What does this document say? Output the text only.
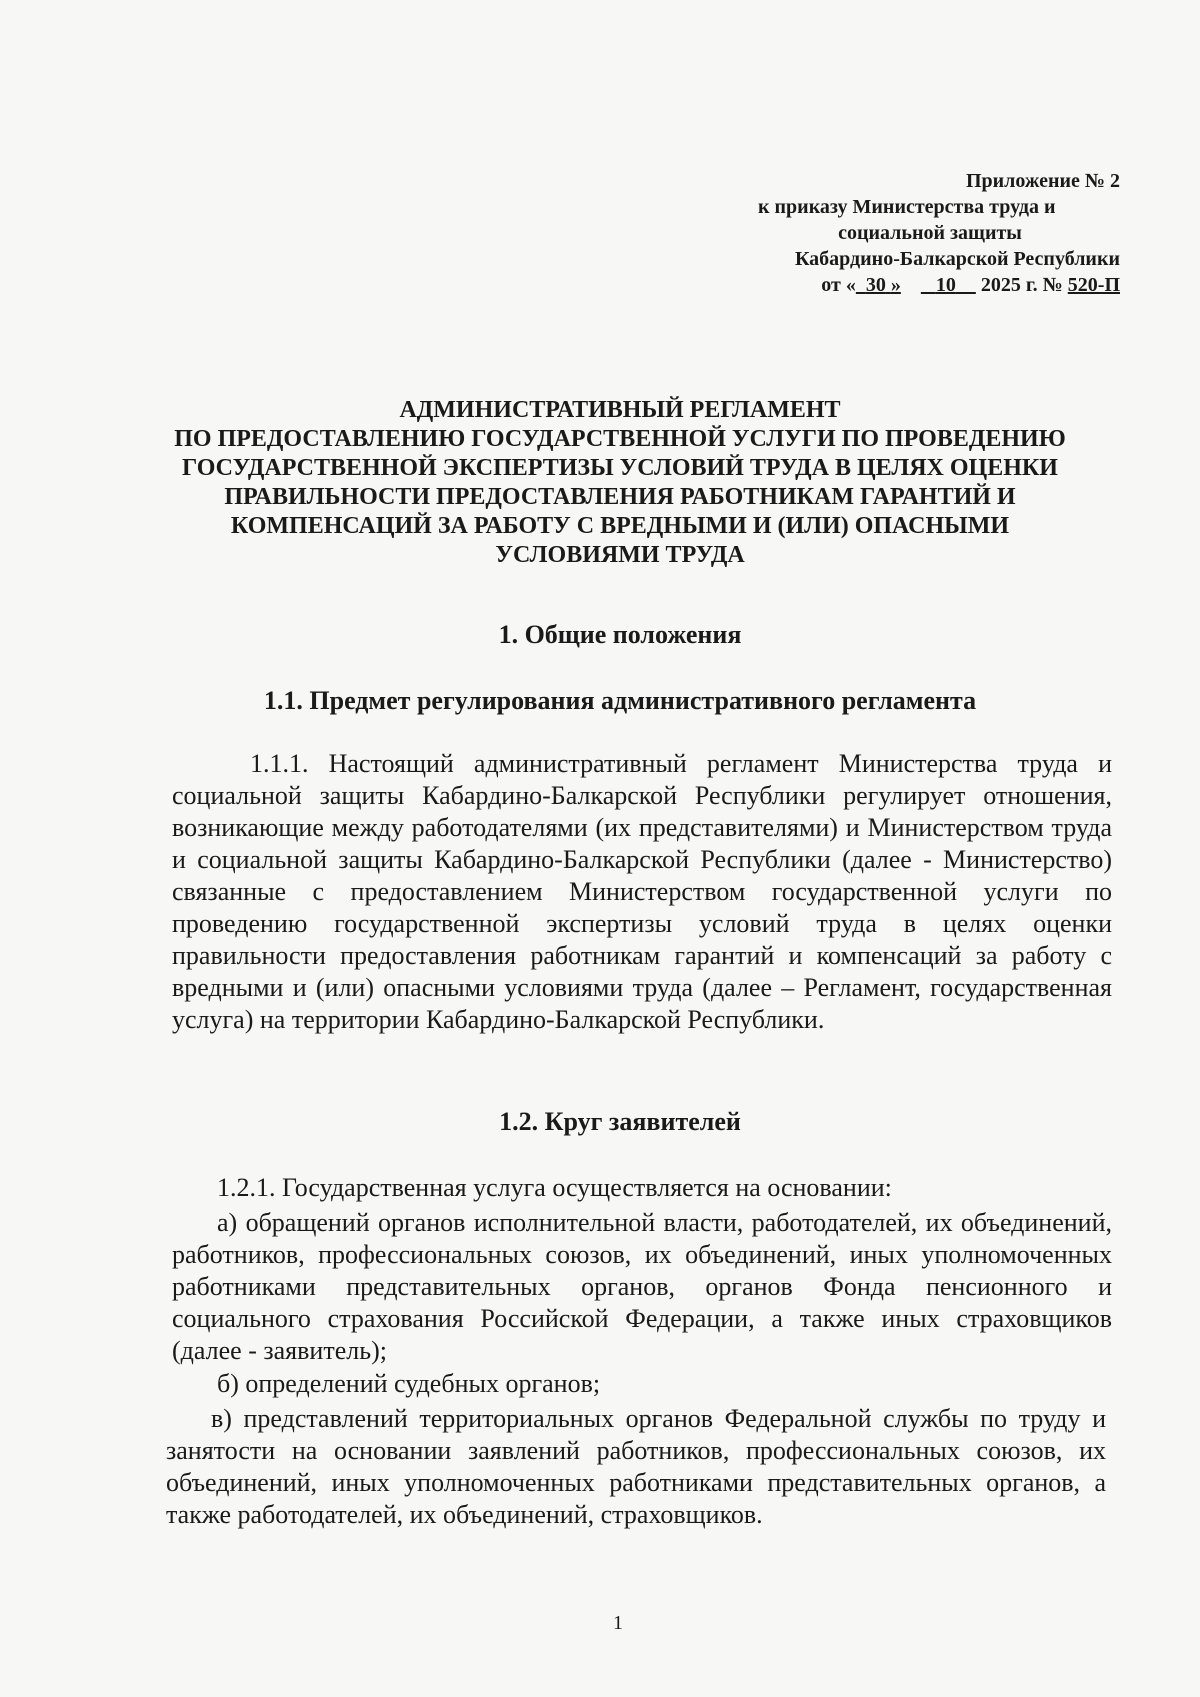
Приложение № 2
к приказу Министерства труда и
социальной защиты
Кабардино-Балкарской Республики
от « 30 » 10 2025 г. № 520-П
АДМИНИСТРАТИВНЫЙ РЕГЛАМЕНТ
ПО ПРЕДОСТАВЛЕНИЮ ГОСУДАРСТВЕННОЙ УСЛУГИ ПО ПРОВЕДЕНИЮ
ГОСУДАРСТВЕННОЙ ЭКСПЕРТИЗЫ УСЛОВИЙ ТРУДА В ЦЕЛЯХ ОЦЕНКИ
ПРАВИЛЬНОСТИ ПРЕДОСТАВЛЕНИЯ РАБОТНИКАМ ГАРАНТИЙ И
КОМПЕНСАЦИЙ ЗА РАБОТУ С ВРЕДНЫМИ И (ИЛИ) ОПАСНЫМИ
УСЛОВИЯМИ ТРУДА
1. Общие положения
1.1. Предмет регулирования административного регламента
1.1.1. Настоящий административный регламент Министерства труда и социальной защиты Кабардино-Балкарской Республики регулирует отношения, возникающие между работодателями (их представителями) и Министерством труда и социальной защиты Кабардино-Балкарской Республики (далее - Министерство) связанные с предоставлением Министерством государственной услуги по проведению государственной экспертизы условий труда в целях оценки правильности предоставления работникам гарантий и компенсаций за работу с вредными и (или) опасными условиями труда (далее – Регламент, государственная услуга) на территории Кабардино-Балкарской Республики.
1.2. Круг заявителей
1.2.1. Государственная услуга осуществляется на основании:
а) обращений органов исполнительной власти, работодателей, их объединений, работников, профессиональных союзов, их объединений, иных уполномоченных работниками представительных органов, органов Фонда пенсионного и социального страхования Российской Федерации, а также иных страховщиков (далее - заявитель);
б) определений судебных органов;
в) представлений территориальных органов Федеральной службы по труду и занятости на основании заявлений работников, профессиональных союзов, их объединений, иных уполномоченных работниками представительных органов, а также работодателей, их объединений, страховщиков.
1
